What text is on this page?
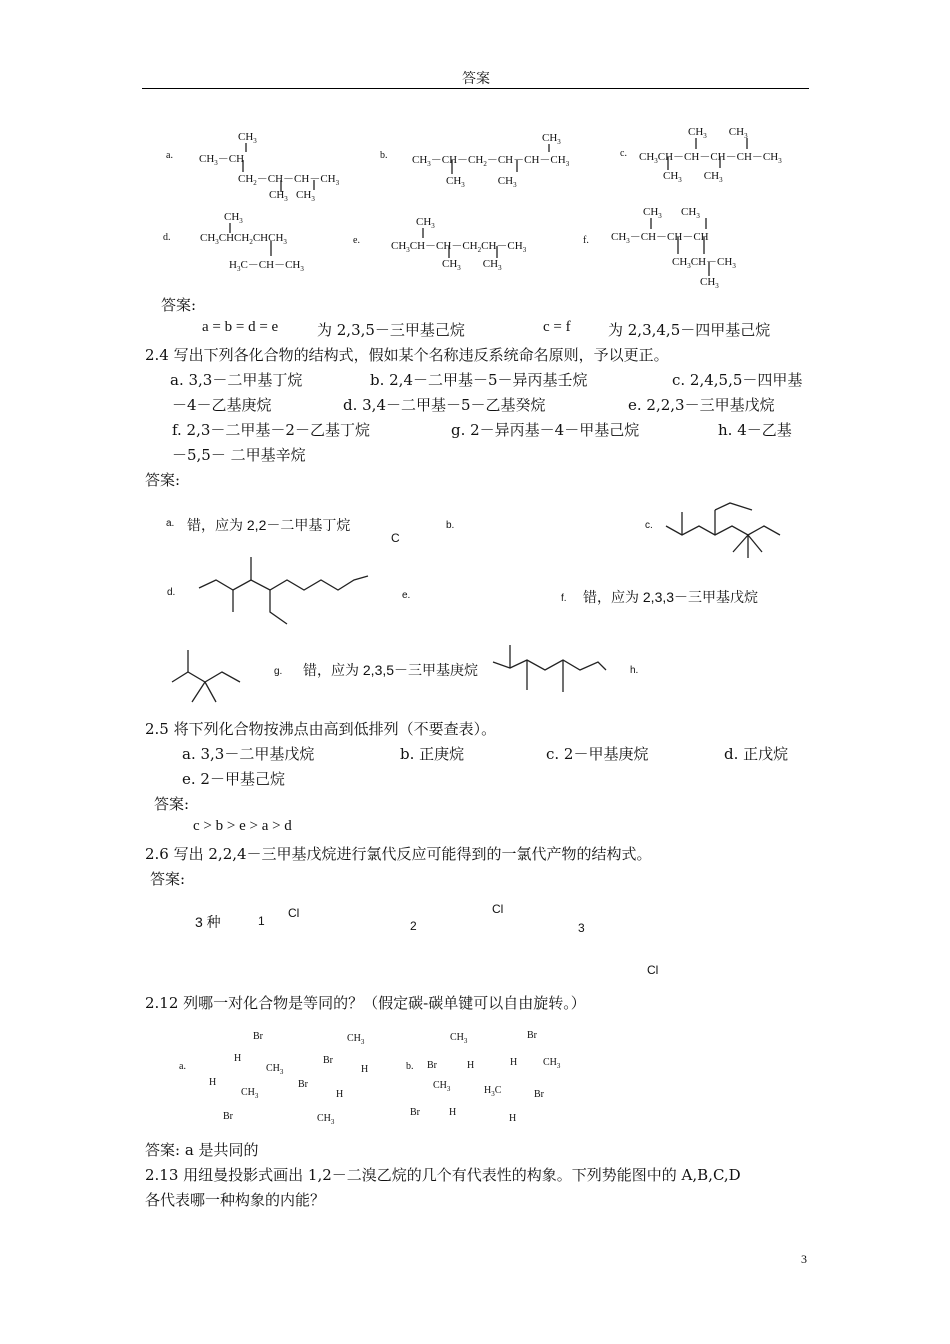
答案
a.
$CH_3$
$CH_3-CH$
$CH_2-CH-CH-CH_3$
$CH_3$   $CH_3$
b.
$CH_3$
$CH_3-CH-CH_2-CH-CH-CH_3$
$CH_3$            $CH_3$
c.
$CH_3$        $CH_3$
$CH_3CH-CH-CH-CH-CH_3$
$CH_3$        $CH_3$
d.
$CH_3$
$CH_3CHCH_2CHCH_3$
$H_3C-CH-CH_3$
e.
$CH_3$
$CH_3CH-CH-CH_2CH-CH_3$
$CH_3$        $CH_3$
f.
$CH_3$       $CH_3$
$CH_3-CH-CH-CH$
$CH_3CH-CH_3$
$CH_3$
答案:
a = b = d = e	为 2,3,5－三甲基己烷	c = f 为 2,3,4,5－四甲基己烷
2.4 写出下列各化合物的结构式，假如某个名称违反系统命名原则，予以更正。
a. 3,3－二甲基丁烷	b. 2,4－二甲基－5－异丙基壬烷	c. 2,4,5,5－四甲基
－4－乙基庚烷	d. 3,4－二甲基－5－乙基癸烷	e. 2,2,3－三甲基戊烷
f. 2,3－二甲基－2－乙基丁烷	g. 2－异丙基－4－甲基己烷	h. 4－乙基
－5,5－ 二甲基辛烷
答案:
a. 错，应为 2,2－二甲基丁烷	b.
C
c.
d.	e.	f. 错，应为 2,3,3－三甲基戊烷
g. 错，应为 2,3,5－三甲基庚烷	h.
2.5 将下列化合物按沸点由高到低排列（不要查表）。
a. 3,3－二甲基戊烷	b. 正庚烷	c. 2－甲基庚烷	d. 正戊烷
e. 2－甲基己烷
答案:
c > b > e > a > d
2.6 写出 2,2,4－三甲基戊烷进行氯代反应可能得到的一氯代产物的结构式。
答案:
3 种	1
Cl	Cl
2	3
Cl
2.12 列哪一对化合物是等同的？（假定碳-碳单键可以自由旋转。）
a.
Br
H
$CH_3$
H
$CH_3$
Br
$CH_3$
Br
H
Br
H
$CH_3$
b.
$CH_3$
Br	H
$CH_3$
Br	H
Br
H	$CH_3$
$H_3C$	Br
H
答案: a 是共同的
2.13 用纽曼投影式画出 1,2－二溴乙烷的几个有代表性的构象。下列势能图中的 A,B,C,D
各代表哪一种构象的内能？
3
